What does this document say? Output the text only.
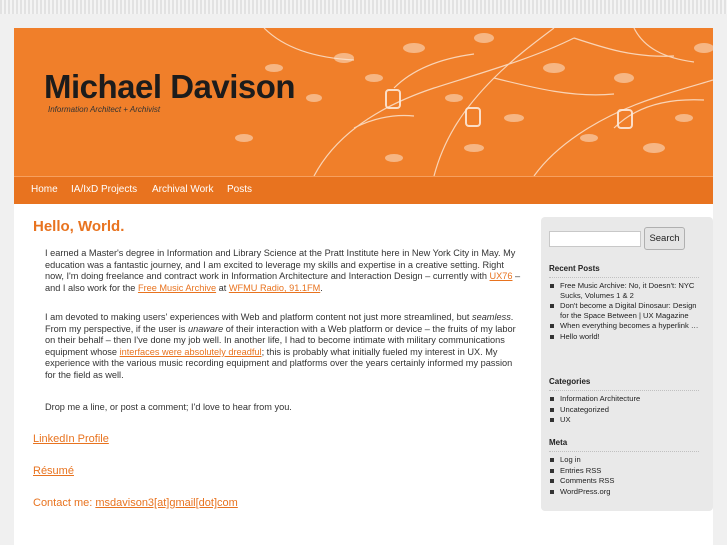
Michael Davison
Information Architect + Archivist
Home IA/IxD Projects Archival Work Posts
Hello, World.
I earned a Master's degree in Information and Library Science at the Pratt Institute here in New York City in May. My education was a fantastic journey, and I am excited to leverage my skills and expertise in a creative setting. Right now, I'm doing freelance and contract work in Information Architecture and Interaction Design – currently with UX76 – and I also work for the Free Music Archive at WFMU Radio, 91.1FM.
I am devoted to making users' experiences with Web and platform content not just more streamlined, but seamless. From my perspective, if the user is unaware of their interaction with a Web platform or device – the fruits of my labor on their behalf – then I've done my job well. In another life, I had to become intimate with military communications equipment whose interfaces were absolutely dreadful; this is probably what initially fueled my interest in UX. My experience with the various music recording equipment and platforms over the years certainly informed my passion for the field as well.
Drop me a line, or post a comment; I'd love to hear from you.
LinkedIn Profile
Résumé
Contact me: msdavison3[at]gmail[dot]com
Search
Recent Posts
Free Music Archive: No, it Doesn't: NYC Sucks, Volumes 1 & 2
Don't become a Digital Dinosaur: Design for the Space Between | UX Magazine
When everything becomes a hyperlink …
Hello world!
Categories
Information Architecture
Uncategorized
UX
Meta
Log in
Entries RSS
Comments RSS
WordPress.org
